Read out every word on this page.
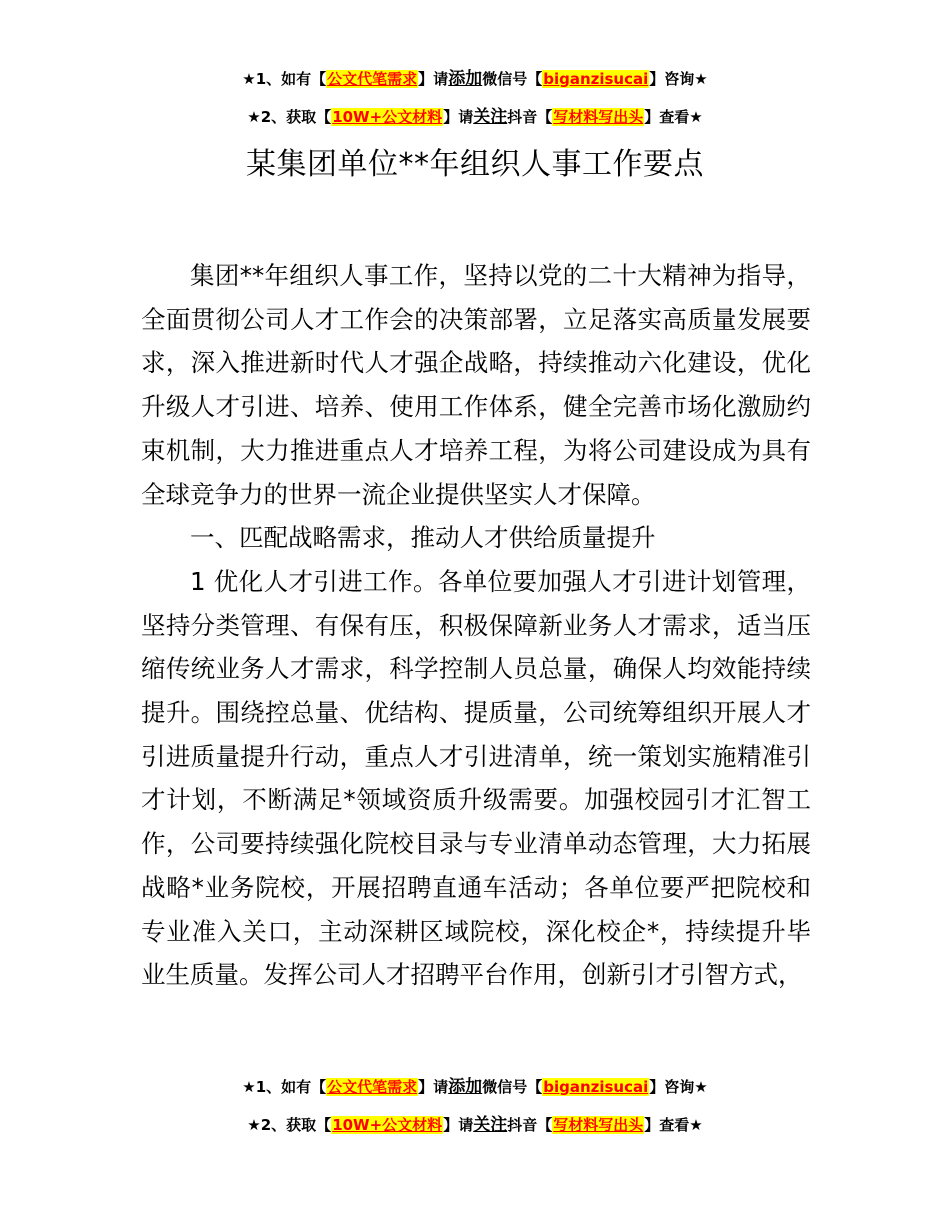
★1、如有【公文代笔需求】请添加微信号【biganzisucai】咨询★
★2、获取【10W+公文材料】请关注抖音【写材料写出头】查看★
某集团单位**年组织人事工作要点

集团**年组织人事工作，坚持以党的二十大精神为指导，全面贯彻公司人才工作会的决策部署，立足落实高质量发展要求，深入推进新时代人才强企战略，持续推动六化建设，优化升级人才引进、培养、使用工作体系，健全完善市场化激励约束机制，大力推进重点人才培养工程，为将公司建设成为具有全球竞争力的世界一流企业提供坚实人才保障。

一、匹配战略需求，推动人才供给质量提升

1 优化人才引进工作。各单位要加强人才引进计划管理，坚持分类管理、有保有压，积极保障新业务人才需求，适当压缩传统业务人才需求，科学控制人员总量，确保人均效能持续提升。围绕控总量、优结构、提质量，公司统筹组织开展人才引进质量提升行动，重点人才引进清单，统一策划实施精准引才计划，不断满足*领域资质升级需要。加强校园引才汇智工作，公司要持续强化院校目录与专业清单动态管理，大力拓展战略*业务院校，开展招聘直通车活动；各单位要严把院校和专业准入关口，主动深耕区域院校，深化校企*，持续提升毕业生质量。发挥公司人才招聘平台作用，创新引才引智方式，

★1、如有【公文代笔需求】请添加微信号【biganzisucai】咨询★
★2、获取【10W+公文材料】请关注抖音【写材料写出头】查看★
